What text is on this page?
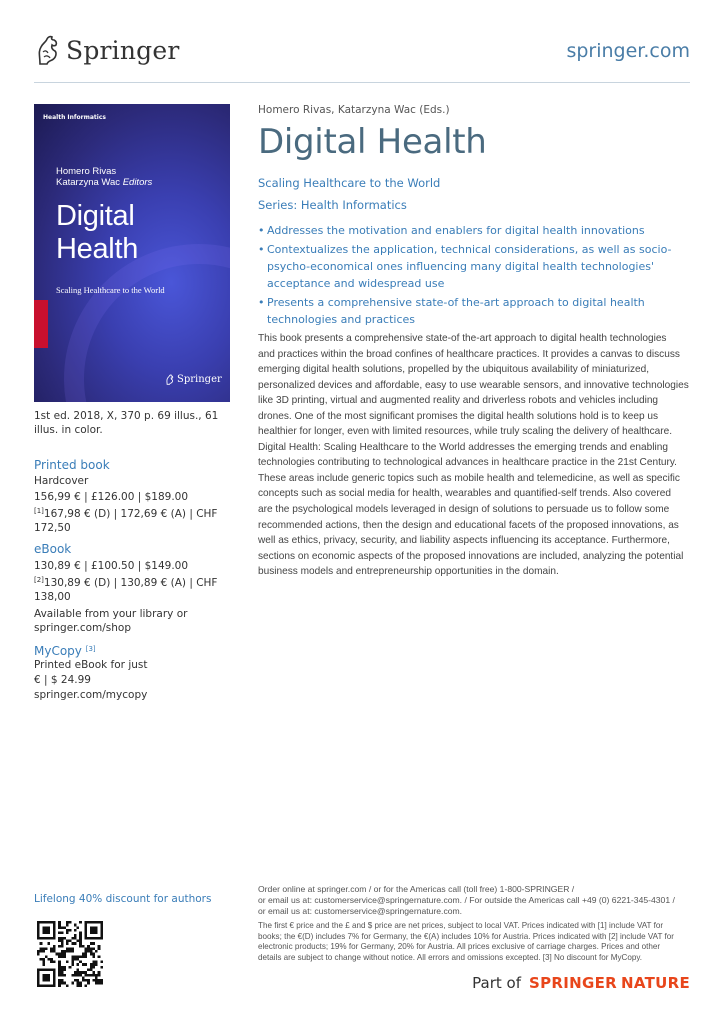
Springer	springer.com
Health Informatics
Homero Rivas
Katarzyna Wac Editors
Digital
Health
Scaling Healthcare to the World
Springer
1st ed. 2018, X, 370 p. 69 illus., 61 illus. in color.
Printed book
Hardcover
156,99 € | £126.00 | $189.00
[1]167,98 € (D) | 172,69 € (A) | CHF 172,50
eBook
130,89 € | £100.50 | $149.00
[2]130,89 € (D) | 130,89 € (A) | CHF 138,00
Available from your library or springer.com/shop
MyCopy [3]
Printed eBook for just
€ | $ 24.99
springer.com/mycopy
Homero Rivas, Katarzyna Wac (Eds.)
Digital Health
Scaling Healthcare to the World
Series: Health Informatics
• Addresses the motivation and enablers for digital health innovations
• Contextualizes the application, technical considerations, as well as socio-psycho-economical ones influencing many digital health technologies' acceptance and widespread use
• Presents a comprehensive state-of the-art approach to digital health technologies and practices
This book presents a comprehensive state-of the-art approach to digital health technologies
and practices within the broad confines of healthcare practices. It provides a canvas to discuss
emerging digital health solutions, propelled by the ubiquitous availability of miniaturized,
personalized devices and affordable, easy to use wearable sensors, and innovative technologies
like 3D printing, virtual and augmented reality and driverless robots and vehicles including
drones. One of the most significant promises the digital health solutions hold is to keep us
healthier for longer, even with limited resources, while truly scaling the delivery of healthcare.
Digital Health: Scaling Healthcare to the World addresses the emerging trends and enabling
technologies contributing to technological advances in healthcare practice in the 21st Century.
These areas include generic topics such as mobile health and telemedicine, as well as specific
concepts such as social media for health, wearables and quantified-self trends. Also covered
are the psychological models leveraged in design of solutions to persuade us to follow some
recommended actions, then the design and educational facets of the proposed innovations, as
well as ethics, privacy, security, and liability aspects influencing its acceptance. Furthermore,
sections on economic aspects of the proposed innovations are included, analyzing the potential
business models and entrepreneurship opportunities in the domain.
Lifelong 40% discount for authors
Order online at springer.com / or for the Americas call (toll free) 1-800-SPRINGER /
or email us at: customerservice@springernature.com. / For outside the Americas call +49 (0) 6221-345-4301 /
or email us at: customerservice@springernature.com.
The first € price and the £ and $ price are net prices, subject to local VAT. Prices indicated with [1] include VAT for
books; the €(D) includes 7% for Germany, the €(A) includes 10% for Austria. Prices indicated with [2] include VAT for
electronic products; 19% for Germany, 20% for Austria. All prices exclusive of carriage charges. Prices and other
details are subject to change without notice. All errors and omissions excepted. [3] No discount for MyCopy.
Part of SPRINGER NATURE
